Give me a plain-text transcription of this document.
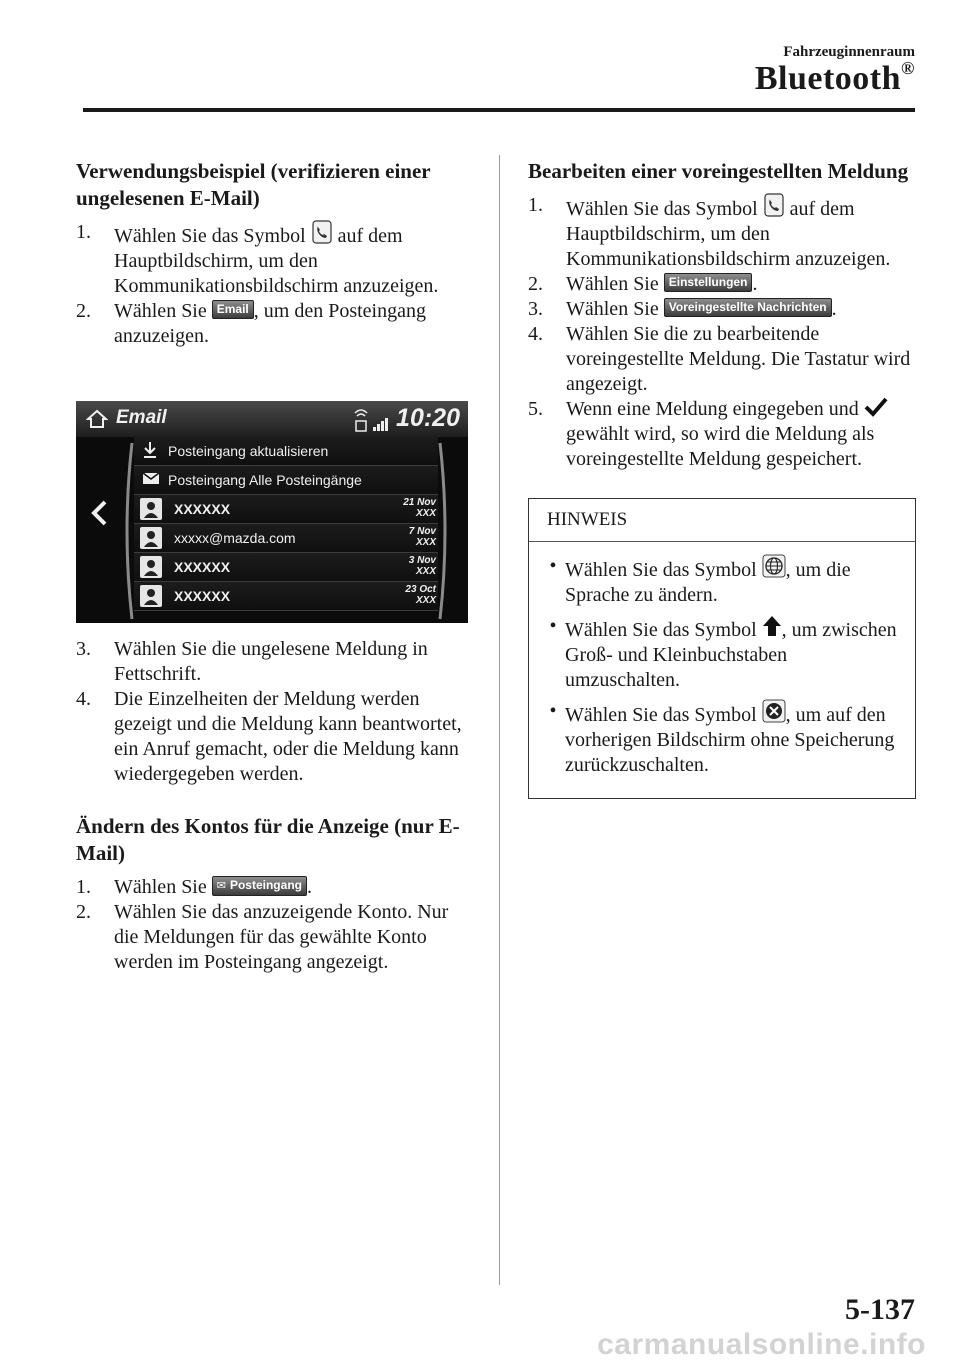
Fahrzeuginnenraum
Bluetooth®
Verwendungsbeispiel (verifizieren einer ungelesenen E-Mail)
1.	Wählen Sie das Symbol auf dem Hauptbildschirm, um den Kommunikationsbildschirm anzuzeigen.
2.	Wählen Sie Email , um den Posteingang anzuzeigen.
Email	10:20
Posteingang aktualisieren
Posteingang Alle Posteingänge
XXXXXX	21 Nov
XXX
xxxxx@mazda.com	7 Nov
XXX
XXXXXX	3 Nov
XXX
XXXXXX	23 Oct
XXX
3.	Wählen Sie die ungelesene Meldung in Fettschrift.
4.	Die Einzelheiten der Meldung werden gezeigt und die Meldung kann beantwortet, ein Anruf gemacht, oder die Meldung kann wiedergegeben werden.
Ändern des Kontos für die Anzeige (nur E-Mail)
1.	Wählen Sie ✉ Posteingang .
2.	Wählen Sie das anzuzeigende Konto. Nur die Meldungen für das gewählte Konto werden im Posteingang angezeigt.
Bearbeiten einer voreingestellten Meldung
1.	Wählen Sie das Symbol auf dem Hauptbildschirm, um den Kommunikationsbildschirm anzuzeigen.
2.	Wählen Sie Einstellungen .
3.	Wählen Sie Voreingestellte Nachrichten .
4.	Wählen Sie die zu bearbeitende voreingestellte Meldung. Die Tastatur wird angezeigt.
5.	Wenn eine Meldung eingegeben und  gewählt wird, so wird die Meldung als voreingestellte Meldung gespeichert.
HINWEIS
• Wählen Sie das Symbol , um die Sprache zu ändern.
• Wählen Sie das Symbol , um zwischen Groß- und Kleinbuchstaben umzuschalten.
• Wählen Sie das Symbol , um auf den vorherigen Bildschirm ohne Speicherung zurückzuschalten.
5-137
carmanualsonline.info
